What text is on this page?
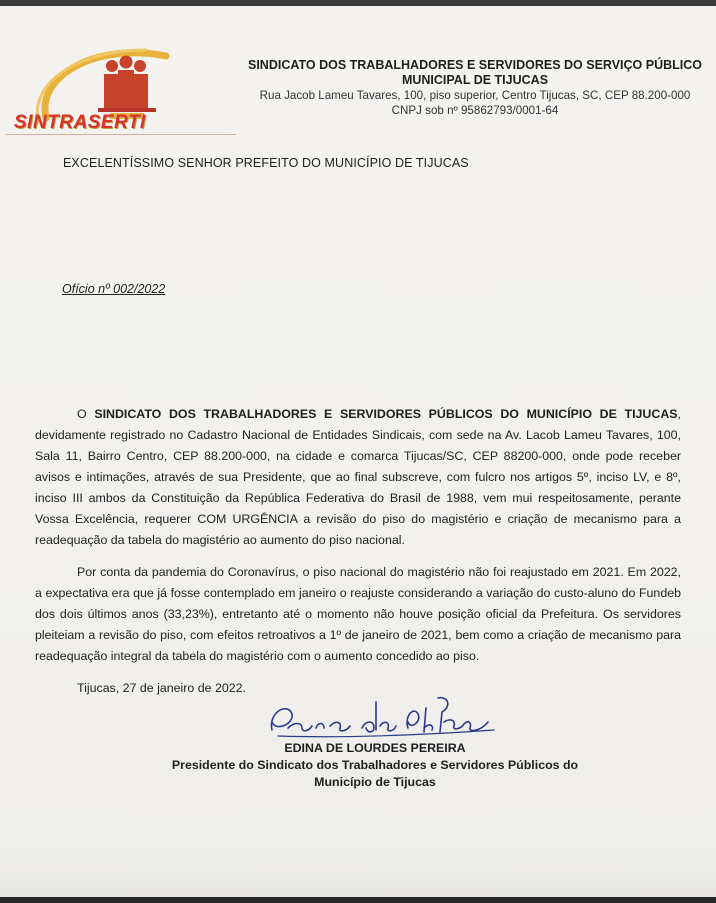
SINTRASERTI
SINDICATO DOS TRABALHADORES E SERVIDORES DO SERVIÇO PÚBLICO
MUNICIPAL DE TIJUCAS
Rua Jacob Lameu Tavares, 100, piso superior, Centro Tijucas, SC, CEP 88.200-000
CNPJ sob nº 95862793/0001-64
EXCELENTÍSSIMO SENHOR PREFEITO DO MUNICÍPIO DE TIJUCAS
Ofício nº 002/2022

O SINDICATO DOS TRABALHADORES E SERVIDORES PÚBLICOS DO MUNICÍPIO DE TIJUCAS, devidamente registrado no Cadastro Nacional de Entidades Sindicais, com sede na Av. Lacob Lameu Tavares, 100, Sala 11, Bairro Centro, CEP 88.200-000, na cidade e comarca Tijucas/SC, CEP 88200-000, onde pode receber avisos e intimações, através de sua Presidente, que ao final subscreve, com fulcro nos artigos 5º, inciso LV, e 8º, inciso III ambos da Constituição da República Federativa do Brasil de 1988, vem mui respeitosamente, perante Vossa Excelência, requerer COM URGÊNCIA a revisão do piso do magistério e criação de mecanismo para a readequação da tabela do magistério ao aumento do piso nacional.

Por conta da pandemia do Coronavírus, o piso nacional do magistério não foi reajustado em 2021. Em 2022, a expectativa era que já fosse contemplado em janeiro o reajuste considerando a variação do custo-aluno do Fundeb dos dois últimos anos (33,23%), entretanto até o momento não houve posição oficial da Prefeitura. Os servidores pleiteiam a revisão do piso, com efeitos retroativos a 1º de janeiro de 2021, bem como a criação de mecanismo para readequação integral da tabela do magistério com o aumento concedido ao piso.

Tijucas, 27 de janeiro de 2022.

EDINA DE LOURDES PEREIRA
Presidente do Sindicato dos Trabalhadores e Servidores Públicos do
Município de Tijucas
